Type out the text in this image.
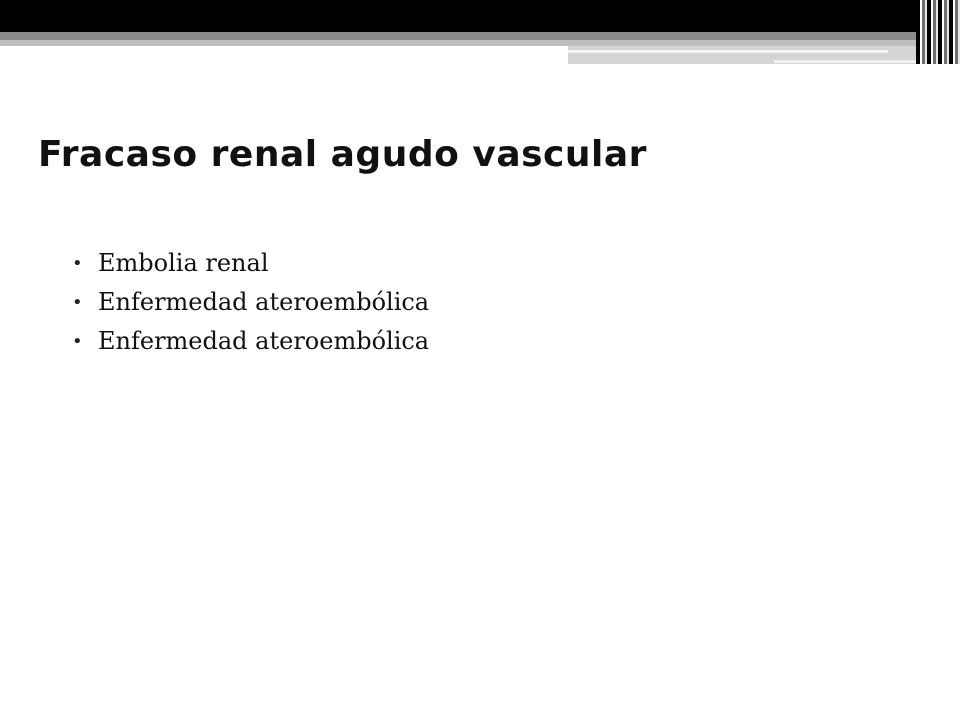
Fracaso renal agudo vascular
• Embolia renal
• Enfermedad ateroembólica
• Enfermedad ateroembólica
